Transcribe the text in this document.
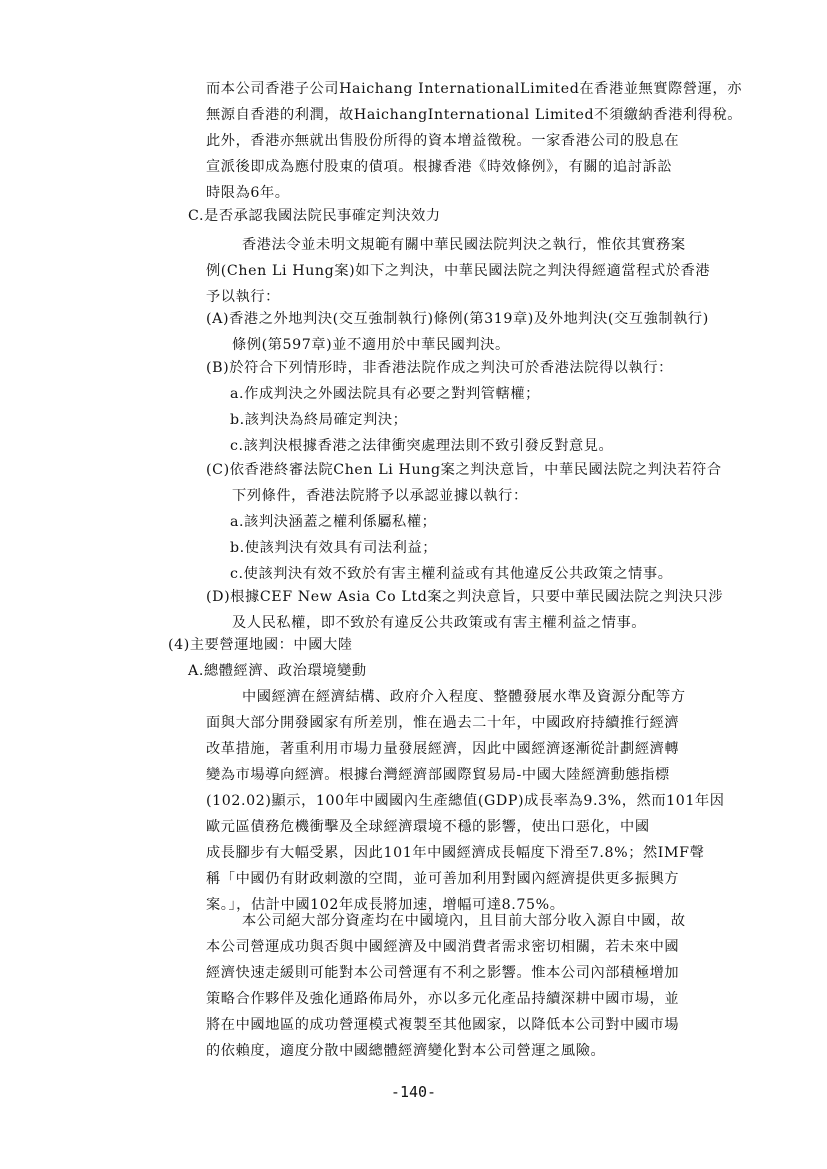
而本公司香港子公司Haichang InternationalLimited在香港並無實際營運，亦

無源自香港的利潤，故HaichangInternational Limited不須繳納香港利得稅。

此外，香港亦無就出售股份所得的資本增益徵稅。一家香港公司的股息在

宣派後即成為應付股東的債項。根據香港《時效條例》，有關的追討訴訟

時限為6年。

C.是否承認我國法院民事確定判決效力

香港法令並未明文規範有關中華民國法院判決之執行，惟依其實務案

例(Chen Li Hung案)如下之判決，中華民國法院之判決得經適當程式於香港

予以執行：

(A)香港之外地判決(交互強制執行)條例(第319章)及外地判決(交互強制執行)

條例(第597章)並不適用於中華民國判決。

(B)於符合下列情形時，非香港法院作成之判決可於香港法院得以執行：

a.作成判決之外國法院具有必要之對判管轄權；

b.該判決為終局確定判決；

c.該判決根據香港之法律衝突處理法則不致引發反對意見。

(C)依香港終審法院Chen Li Hung案之判決意旨，中華民國法院之判決若符合

下列條件，香港法院將予以承認並據以執行：

a.該判決涵蓋之權利係屬私權；

b.使該判決有效具有司法利益；

c.使該判決有效不致於有害主權利益或有其他違反公共政策之情事。

(D)根據CEF New Asia Co Ltd案之判決意旨，只要中華民國法院之判決只涉

及人民私權，即不致於有違反公共政策或有害主權利益之情事。

(4)主要營運地國：中國大陸

A.總體經濟、政治環境變動

中國經濟在經濟結構、政府介入程度、整體發展水準及資源分配等方

面與大部分開發國家有所差別，惟在過去二十年，中國政府持續推行經濟

改革措施，著重利用市場力量發展經濟，因此中國經濟逐漸從計劃經濟轉

變為市場導向經濟。根據台灣經濟部國際貿易局-中國大陸經濟動態指標

(102.02)顯示，100年中國國內生產總值(GDP)成長率為9.3%，然而101年因

歐元區債務危機衝擊及全球經濟環境不穩的影響，使出口惡化，中國

成長腳步有大幅受累，因此101年中國經濟成長幅度下滑至7.8%；然IMF聲

稱「中國仍有財政刺激的空間，並可善加利用對國內經濟提供更多振興方

案。」，估計中國102年成長將加速，增幅可達8.75%。

本公司絕大部分資產均在中國境內，且目前大部分收入源自中國，故

本公司營運成功與否與中國經濟及中國消費者需求密切相關，若未來中國

經濟快速走緩則可能對本公司營運有不利之影響。惟本公司內部積極增加

策略合作夥伴及強化通路佈局外，亦以多元化產品持續深耕中國市場，並

將在中國地區的成功營運模式複製至其他國家，以降低本公司對中國市場

的依賴度，適度分散中國總體經濟變化對本公司營運之風險。

-140-
